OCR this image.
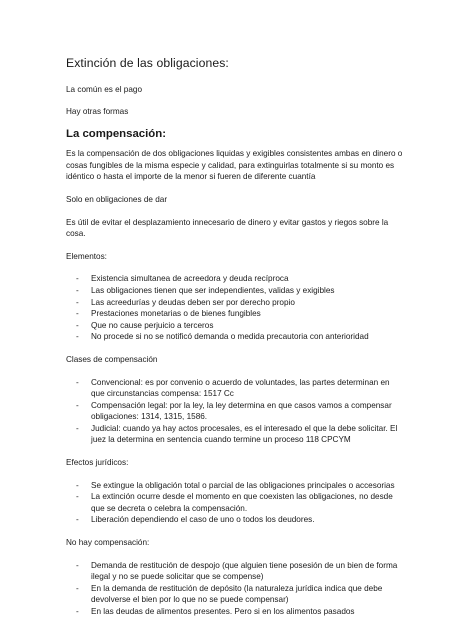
Extinción de las obligaciones:

La común es el pago

Hay otras formas

La compensación:

Es la compensación de dos obligaciones liquidas y exigibles consistentes ambas en dinero o cosas fungibles de la misma especie y calidad, para extinguirlas totalmente si su monto es idéntico o hasta el importe de la menor si fueren de diferente cuantía

Solo en obligaciones de dar

Es útil de evitar el desplazamiento innecesario de dinero y evitar gastos y riegos sobre la cosa.

Elementos:

- Existencia simultanea de acreedora y deuda recíproca
- Las obligaciones tienen que ser independientes, validas y exigibles
- Las acreedurías y deudas deben ser por derecho propio
- Prestaciones monetarias o de bienes fungibles
- Que no cause perjuicio a terceros
- No procede si no se notificó demanda o medida precautoria con anterioridad

Clases de compensación

- Convencional: es por convenio o acuerdo de voluntades, las partes determinan en que circunstancias compensa: 1517 Cc
- Compensación legal: por la ley, la ley determina en que casos vamos a compensar obligaciones: 1314, 1315, 1586.
- Judicial: cuando ya hay actos procesales, es el interesado el que la debe solicitar. El juez la determina en sentencia cuando termine un proceso 118 CPCYM

Efectos jurídicos:

- Se extingue la obligación total o parcial de las obligaciones principales o accesorias
- La extinción ocurre desde el momento en que coexisten las obligaciones, no desde que se decreta o celebra la compensación.
- Liberación dependiendo el caso de uno o todos los deudores.

No hay compensación:

- Demanda de restitución de despojo (que alguien tiene posesión de un bien de forma ilegal y no se puede solicitar que se compense)
- En la demanda de restitución de depósito (la naturaleza jurídica indica que debe devolverse el bien por lo que no se puede compensar)
- En las deudas de alimentos presentes. Pero si en los alimentos pasados
